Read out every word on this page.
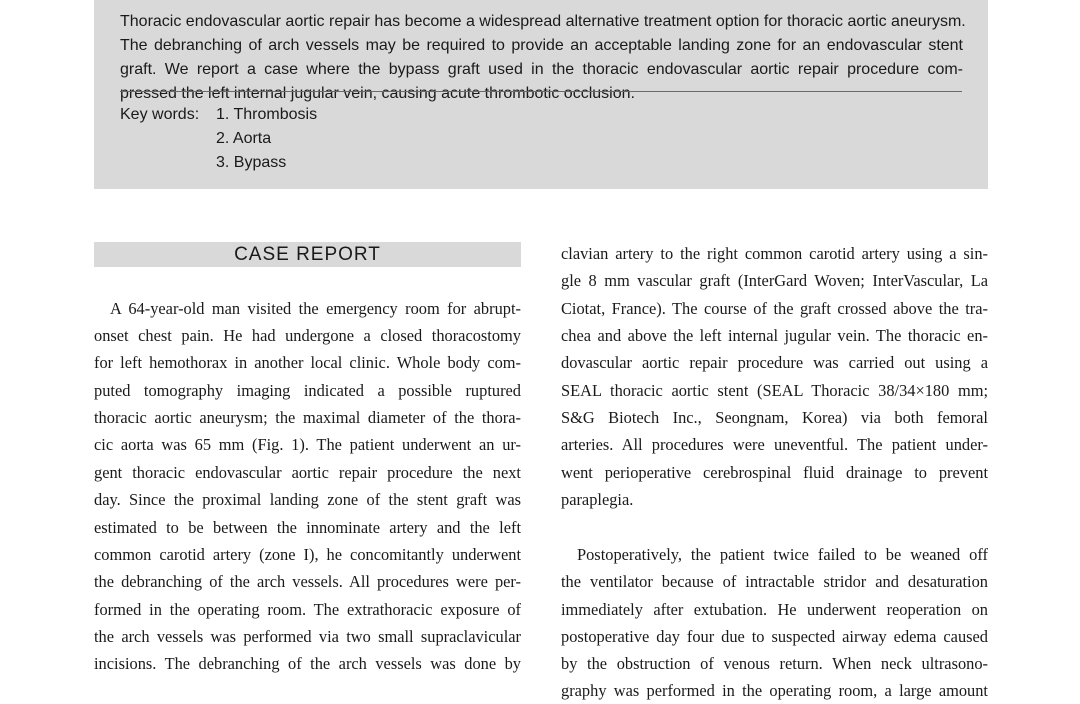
Thoracic endovascular aortic repair has become a widespread alternative treatment option for thoracic aortic aneurysm.
The debranching of arch vessels may be required to provide an acceptable landing zone for an endovascular stent
graft. We report a case where the bypass graft used in the thoracic endovascular aortic repair procedure com-
pressed the left internal jugular vein, causing acute thrombotic occlusion.
Key words: 1. Thrombosis
2. Aorta
3. Bypass
CASE REPORT
A 64-year-old man visited the emergency room for abrupt-
onset chest pain. He had undergone a closed thoracostomy
for left hemothorax in another local clinic. Whole body com-
puted tomography imaging indicated a possible ruptured
thoracic aortic aneurysm; the maximal diameter of the thora-
cic aorta was 65 mm (Fig. 1). The patient underwent an ur-
gent thoracic endovascular aortic repair procedure the next
day. Since the proximal landing zone of the stent graft was
estimated to be between the innominate artery and the left
common carotid artery (zone I), he concomitantly underwent
the debranching of the arch vessels. All procedures were per-
formed in the operating room. The extrathoracic exposure of
the arch vessels was performed via two small supraclavicular
incisions. The debranching of the arch vessels was done by
clavian artery to the right common carotid artery using a sin-
gle 8 mm vascular graft (InterGard Woven; InterVascular, La
Ciotat, France). The course of the graft crossed above the tra-
chea and above the left internal jugular vein. The thoracic en-
dovascular aortic repair procedure was carried out using a
SEAL thoracic aortic stent (SEAL Thoracic 38/34×180 mm;
S&G Biotech Inc., Seongnam, Korea) via both femoral
arteries. All procedures were uneventful. The patient under-
went perioperative cerebrospinal fluid drainage to prevent
paraplegia.
Postoperatively, the patient twice failed to be weaned off
the ventilator because of intractable stridor and desaturation
immediately after extubation. He underwent reoperation on
postoperative day four due to suspected airway edema caused
by the obstruction of venous return. When neck ultrasono-
graphy was performed in the operating room, a large amount
